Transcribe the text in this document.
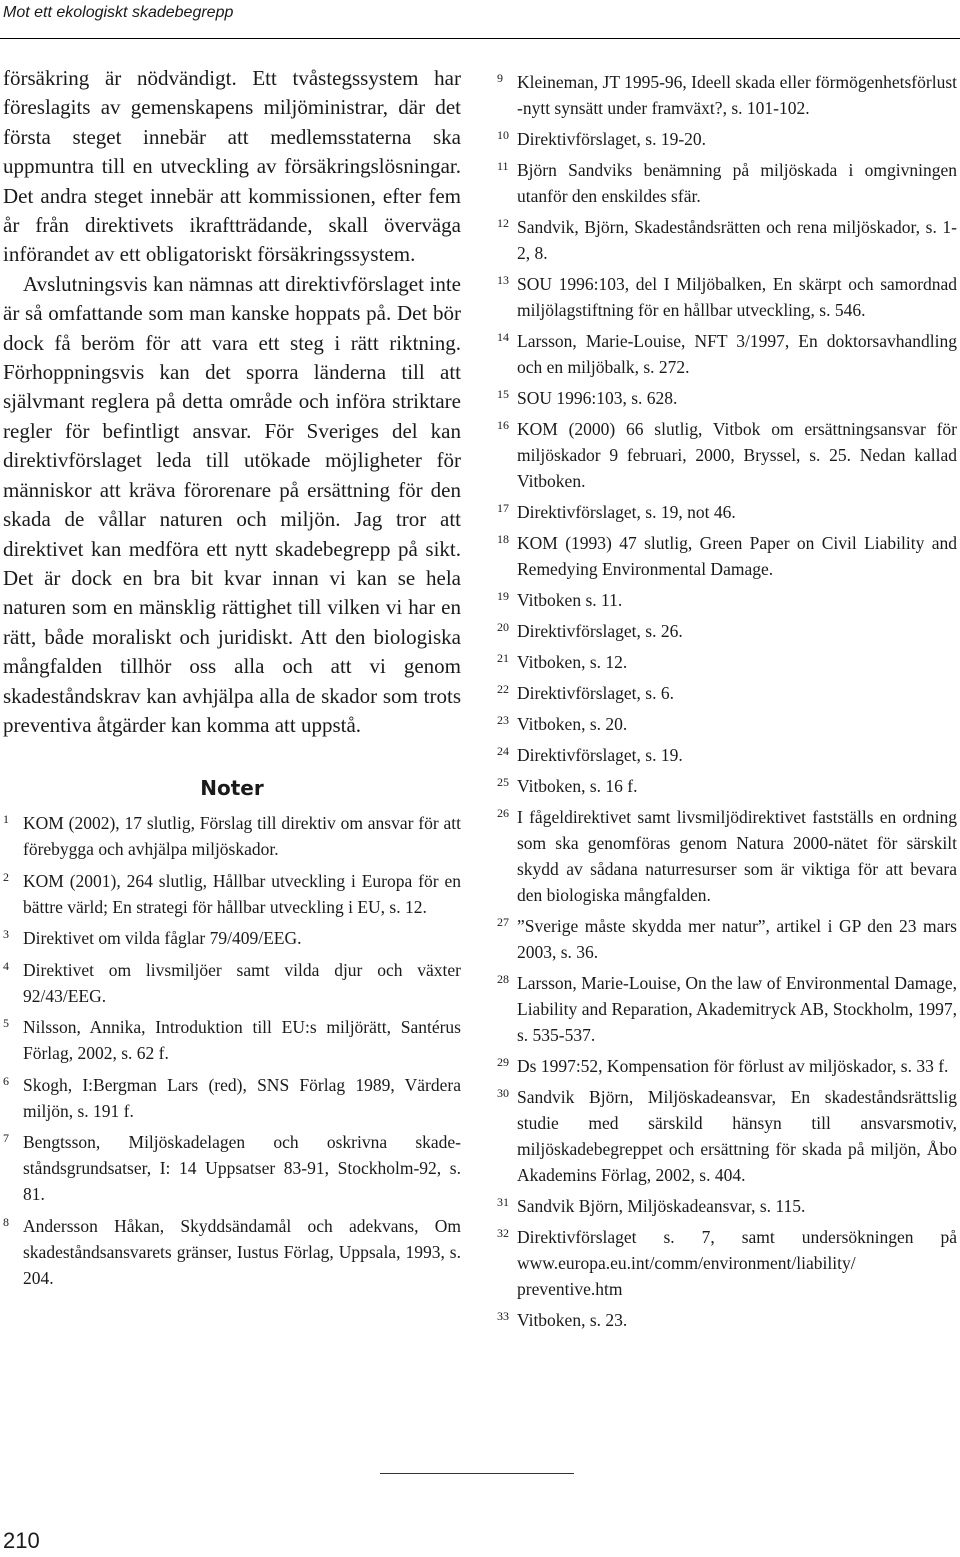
Mot ett ekologiskt skadebegrepp

försäkring är nödvändigt. Ett tvåstegssystem har föreslagits av gemenskapens miljöministrar, där det första steget innebär att medlemsstaterna ska uppmuntra till en utveckling av försäkringslösningar. Det andra steget innebär att kommissionen, efter fem år från direktivets ikraftträdande, skall överväga införandet av ett obligatoriskt försäkringssystem.

Avslutningsvis kan nämnas att direktivförslaget inte är så omfattande som man kanske hoppats på. Det bör dock få beröm för att vara ett steg i rätt riktning. Förhoppningsvis kan det sporra länderna till att självmant reglera på detta område och införa striktare regler för befintligt ansvar. För Sveriges del kan direktivförslaget leda till utökade möjligheter för människor att kräva förorenare på ersättning för den skada de vållar naturen och miljön. Jag tror att direktivet kan medföra ett nytt skadebegrepp på sikt. Det är dock en bra bit kvar innan vi kan se hela naturen som en mänsklig rättighet till vilken vi har en rätt, både moraliskt och juridiskt. Att den biologiska mångfalden tillhör oss alla och att vi genom skadeståndskrav kan avhjälpa alla de skador som trots preventiva åtgärder kan komma att uppstå.

Noter
1 KOM (2002), 17 slutlig, Förslag till direktiv om ansvar för att förebygga och avhjälpa miljöskador.
2 KOM (2001), 264 slutlig, Hållbar utveckling i Europa för en bättre värld; En strategi för hållbar utveckling i EU, s. 12.
3 Direktivet om vilda fåglar 79/409/EEG.
4 Direktivet om livsmiljöer samt vilda djur och växter 92/43/EEG.
5 Nilsson, Annika, Introduktion till EU:s miljörätt, Santérus Förlag, 2002, s. 62 f.
6 Skogh, I:Bergman Lars (red), SNS Förlag 1989, Värdera miljön, s. 191 f.
7 Bengtsson, Miljöskadelagen och oskrivna skadeståndsgrundsatser, I: 14 Uppsatser 83-91, Stockholm-92, s. 81.
8 Andersson Håkan, Skyddsändamål och adekvans, Om skadeståndsansvarets gränser, Iustus Förlag, Uppsala, 1993, s. 204.
9 Kleineman, JT 1995-96, Ideell skada eller förmögenhetsförlust -nytt synsätt under framväxt?, s. 101-102.
10 Direktivförslaget, s. 19-20.
11 Björn Sandviks benämning på miljöskada i omgivningen utanför den enskildes sfär.
12 Sandvik, Björn, Skadeståndsrätten och rena miljöskador, s. 1-2, 8.
13 SOU 1996:103, del I Miljöbalken, En skärpt och samordnad miljölagstiftning för en hållbar utveckling, s. 546.
14 Larsson, Marie-Louise, NFT 3/1997, En doktorsavhandling och en miljöbalk, s. 272.
15 SOU 1996:103, s. 628.
16 KOM (2000) 66 slutlig, Vitbok om ersättningsansvar för miljöskador 9 februari, 2000, Bryssel, s. 25. Nedan kallad Vitboken.
17 Direktivförslaget, s. 19, not 46.
18 KOM (1993) 47 slutlig, Green Paper on Civil Liability and Remedying Environmental Damage.
19 Vitboken s. 11.
20 Direktivförslaget, s. 26.
21 Vitboken, s. 12.
22 Direktivförslaget, s. 6.
23 Vitboken, s. 20.
24 Direktivförslaget, s. 19.
25 Vitboken, s. 16 f.
26 I fågeldirektivet samt livsmiljödirektivet fastställs en ordning som ska genomföras genom Natura 2000-nätet för särskilt skydd av sådana naturresurser som är viktiga för att bevara den biologiska mångfalden.
27 ”Sverige måste skydda mer natur”, artikel i GP den 23 mars 2003, s. 36.
28 Larsson, Marie-Louise, On the law of Environmental Damage, Liability and Reparation, Akademitryck AB, Stockholm, 1997, s. 535-537.
29 Ds 1997:52, Kompensation för förlust av miljöskador, s. 33 f.
30 Sandvik Björn, Miljöskadeansvar, En skadeståndsrättslig studie med särskild hänsyn till ansvarsmotiv, miljöskadebegreppet och ersättning för skada på miljön, Åbo Akademins Förlag, 2002, s. 404.
31 Sandvik Björn, Miljöskadeansvar, s. 115.
32 Direktivförslaget s. 7, samt undersökningen på www.europa.eu.int/comm/environment/liability/ preventive.htm
33 Vitboken, s. 23.
210
